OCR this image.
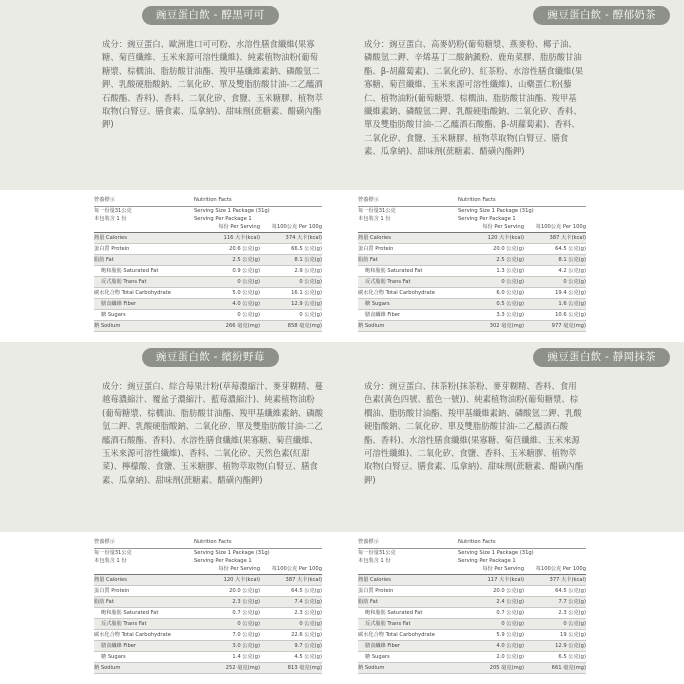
豌豆蛋白飲 - 醇黑可可

成分：豌豆蛋白、歐洲進口可可粉、水溶性膳食纖維(果寡糖、菊苣纖維、玉米來源可溶性纖維)、純素植物油粉(葡萄糖漿、棕櫚油、脂肪酸甘油酯、羧甲基纖維素鈉、磷酸氫二鉀、乳酸硬脂酸鈉、二氧化矽、單及雙脂肪酸甘油-二乙醯酒石酸酯、香料)、香料、二氧化矽、食鹽、玉米糖膠、植物萃取物(白腎豆、膳食素、瓜拿納)、甜味劑(蔗糖素、醋磺內酯鉀)

營養標示	Nutrition Facts
每一份量31公克	Serving Size 1 Package (31g)
本包裝含 1 份	Serving Per Package 1
每份 Per Serving	每100公克 Per 100g
熱量 Calories	116 大卡(kcal)	374 大卡(kcal)
蛋白質 Protein	20.6 公克(g)	66.5 公克(g)
脂肪 Fat	2.5 公克(g)	8.1 公克(g)
飽和脂肪 Saturated Fat	0.9 公克(g)	2.9 公克(g)
反式脂肪 Trans Fat	0 公克(g)	0 公克(g)
碳水化合物 Total Carbohydrate	5.0 公克(g)	16.1 公克(g)
膳食纖維 Fiber	4.0 公克(g)	12.9 公克(g)
糖 Sugars	0 公克(g)	0 公克(g)
鈉 Sodium	266 毫克(mg)	858 毫克(mg)
豌豆蛋白飲 - 醇郁奶茶

成分：豌豆蛋白、高麥奶粉(葡萄糖漿、燕麥粉、椰子油、磷酸氫二鉀、辛烯基丁二酸鈉澱粉、鹿角菜膠、脂肪酸甘油酯、β-胡蘿蔔素)、二氧化矽)、紅茶粉、水溶性膳食纖維(果寡糖、菊苣纖維、玉米來源可溶性纖維)、山藥蛋仁粉(藜仁、植物油粉(葡萄糖漿、棕櫚油、脂肪酸甘油酯、羧甲基纖維素鈉、磷酸氫二鉀、乳酸硬脂酸鈉、二氧化矽、香料、單及雙脂肪酸甘油-二乙醯酒石酸酯、β-胡蘿蔔素)、香料、二氧化矽、食鹽、玉米糖膠、植物萃取物(白腎豆、膳食素、瓜拿納)、甜味劑(蔗糖素、醋磺內酯鉀)

營養標示	Nutrition Facts
每一份量31公克	Serving Size 1 Package (31g)
本包裝含 1 份	Serving Per Package 1
每份 Per Serving	每100公克 Per 100g
熱量 Calories	120 大卡(kcal)	387 大卡(kcal)
蛋白質 Protein	20.0 公克(g)	64.5 公克(g)
脂肪 Fat	2.5 公克(g)	8.1 公克(g)
飽和脂肪 Saturated Fat	1.3 公克(g)	4.2 公克(g)
反式脂肪 Trans Fat	0 公克(g)	0 公克(g)
碳水化合物 Total Carbohydrate	6.0 公克(g)	19.4 公克(g)
糖 Sugars	0.5 公克(g)	1.6 公克(g)
膳食纖維 Fiber	3.3 公克(g)	10.6 公克(g)
鈉 Sodium	302 毫克(mg)	977 毫克(mg)
豌豆蛋白飲 - 繽紛野莓

成分：豌豆蛋白、綜合莓果汁粉(草莓濃縮汁、麥芽糊精、蔓越莓濃縮汁、覆盆子濃縮汁、藍莓濃縮汁)、純素植物油粉(葡萄糖漿、棕櫚油、脂肪酸甘油酯、羧甲基纖維素鈉、磷酸氫二鉀、乳酸硬脂酸鈉、二氧化矽、單及雙脂肪酸甘油-二乙醯酒石酸酯、香料)、水溶性膳食纖維(果寡糖、菊苣纖維、玉米來源可溶性纖維)、香料、二氧化矽、天然色素(紅甜菜)、檸檬酸、食鹽、玉米糖膠、植物萃取物(白腎豆、膳食素、瓜拿納)、甜味劑(蔗糖素、醋磺內酯鉀)

營養標示	Nutrition Facts
每一份量31公克	Serving Size 1 Package (31g)
本包裝含 1 份	Serving Per Package 1
每份 Per Serving	每100公克 Per 100g
熱量 Calories	120 大卡(kcal)	387 大卡(kcal)
蛋白質 Protein	20.0 公克(g)	64.5 公克(g)
脂肪 Fat	2.3 公克(g)	7.4 公克(g)
飽和脂肪 Saturated Fat	0.7 公克(g)	2.3 公克(g)
反式脂肪 Trans Fat	0 公克(g)	0 公克(g)
碳水化合物 Total Carbohydrate	7.0 公克(g)	22.6 公克(g)
膳食纖維 Fiber	3.0 公克(g)	9.7 公克(g)
糖 Sugars	1.4 公克(g)	4.5 公克(g)
鈉 Sodium	252 毫克(mg)	813 毫克(mg)
豌豆蛋白飲 - 靜岡抹茶

成分：豌豆蛋白、抹茶粉(抹茶粉、麥芽糊精、香料、食用色素(黃色四號、藍色一號))、純素植物油粉(葡萄糖漿、棕櫚油、脂肪酸甘油酯、羧甲基纖維素鈉、磷酸氫二鉀、乳酸硬脂酸鈉、二氧化矽、單及雙脂肪酸甘油-二乙醯酒石酸酯、香料)、水溶性膳食纖維(果寡糖、菊苣纖維、玉米來源可溶性纖維)、二氧化矽、食鹽、香料、玉米糖膠、植物萃取物(白腎豆、膳食素、瓜拿納)、甜味劑(蔗糖素、醋磺內酯鉀)

營養標示	Nutrition Facts
每一份量31公克	Serving Size 1 Package (31g)
本包裝含 1 份	Serving Per Package 1
每份 Per Serving	每100公克 Per 100g
熱量 Calories	117 大卡(kcal)	377 大卡(kcal)
蛋白質 Protein	20.0 公克(g)	64.5 公克(g)
脂肪 Fat	2.4 公克(g)	7.7 公克(g)
飽和脂肪 Saturated Fat	0.7 公克(g)	2.3 公克(g)
反式脂肪 Trans Fat	0 公克(g)	0 公克(g)
碳水化合物 Total Carbohydrate	5.9 公克(g)	19 公克(g)
膳食纖維 Fiber	4.0 公克(g)	12.9 公克(g)
糖 Sugars	2.0 公克(g)	6.5 公克(g)
鈉 Sodium	205 毫克(mg)	661 毫克(mg)
